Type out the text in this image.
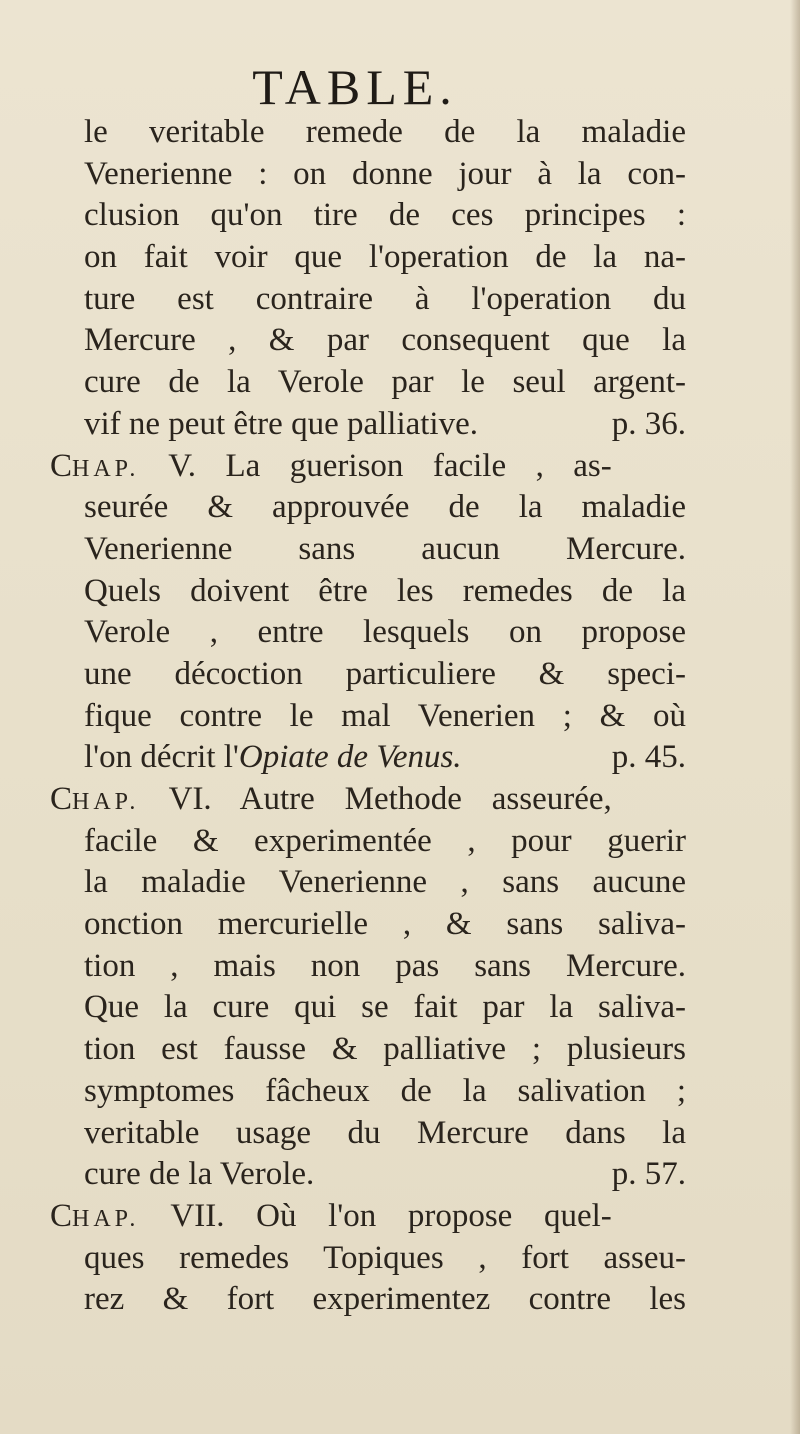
TABLE.
le veritable remede de la maladie
Venerienne : on donne jour à la con-
clusion qu'on tire de ces principes :
on fait voir que l'operation de la na-
ture est contraire à l'operation du
Mercure , & par consequent que la
cure de la Verole par le seul argent-
vif ne peut être que palliative.	p. 36.
CHAP. V. La guerison facile , as-
seurée & approuvée de la maladie
Venerienne sans aucun Mercure.
Quels doivent être les remedes de la
Verole , entre lesquels on propose
une décoction particuliere & speci-
fique contre le mal Venerien ; & où
l'on décrit l'Opiate de Venus.	p. 45.
CHAP. VI. Autre Methode asseurée,
facile & experimentée , pour guerir
la maladie Venerienne , sans aucune
onction mercurielle , & sans saliva-
tion , mais non pas sans Mercure.
Que la cure qui se fait par la saliva-
tion est fausse & palliative ; plusieurs
symptomes fâcheux de la salivation ;
veritable usage du Mercure dans la
cure de la Verole.	p. 57.
CHAP. VII. Où l'on propose quel-
ques remedes Topiques , fort asseu-
rez & fort experimentez contre les
